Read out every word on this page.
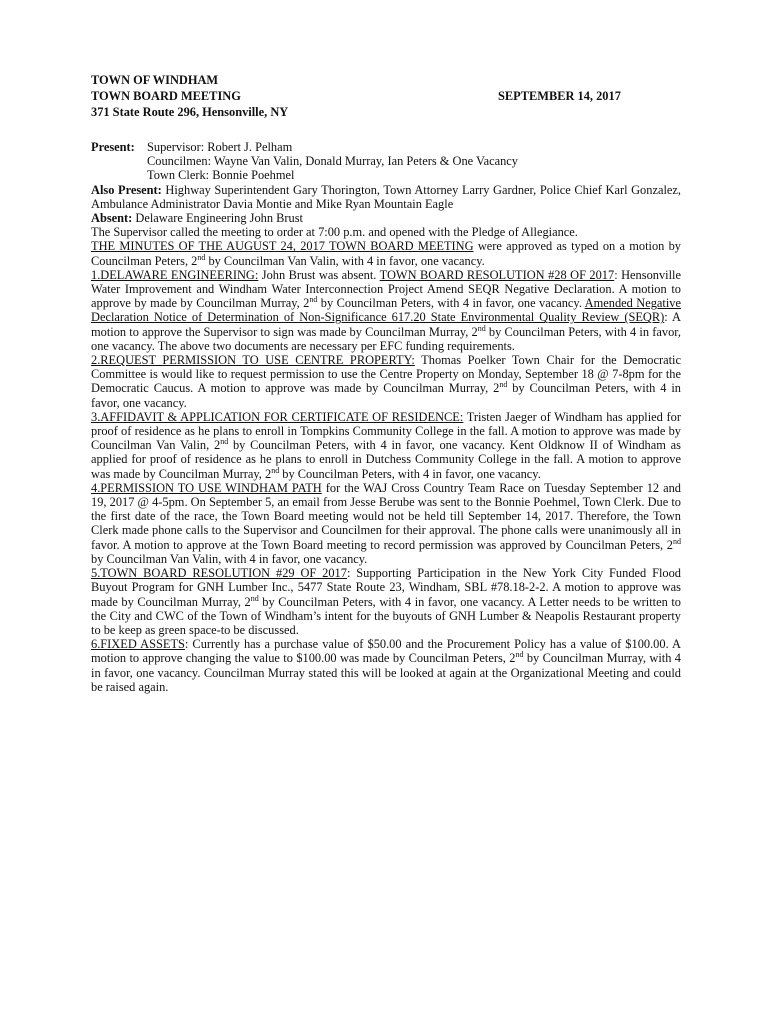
TOWN OF WINDHAM
TOWN BOARD MEETING
371 State Route 296, Hensonville, NY
SEPTEMBER 14, 2017
Present: Supervisor: Robert J. Pelham
Councilmen: Wayne Van Valin, Donald Murray, Ian Peters & One Vacancy
Town Clerk: Bonnie Poehmel

Also Present: Highway Superintendent Gary Thorington, Town Attorney Larry Gardner, Police Chief Karl Gonzalez, Ambulance Administrator Davia Montie and Mike Ryan Mountain Eagle

Absent: Delaware Engineering John Brust

The Supervisor called the meeting to order at 7:00 p.m. and opened with the Pledge of Allegiance.

THE MINUTES OF THE AUGUST 24, 2017 TOWN BOARD MEETING were approved as typed on a motion by Councilman Peters, 2nd by Councilman Van Valin, with 4 in favor, one vacancy.

1.DELAWARE ENGINEERING: John Brust was absent. TOWN BOARD RESOLUTION #28 OF 2017: Hensonville Water Improvement and Windham Water Interconnection Project Amend SEQR Negative Declaration. A motion to approve by made by Councilman Murray, 2nd by Councilman Peters, with 4 in favor, one vacancy. Amended Negative Declaration Notice of Determination of Non-Significance 617.20 State Environmental Quality Review (SEQR): A motion to approve the Supervisor to sign was made by Councilman Murray, 2nd by Councilman Peters, with 4 in favor, one vacancy. The above two documents are necessary per EFC funding requirements.

2.REQUEST PERMISSION TO USE CENTRE PROPERTY: Thomas Poelker Town Chair for the Democratic Committee is would like to request permission to use the Centre Property on Monday, September 18 @ 7-8pm for the Democratic Caucus. A motion to approve was made by Councilman Murray, 2nd by Councilman Peters, with 4 in favor, one vacancy.

3.AFFIDAVIT & APPLICATION FOR CERTIFICATE OF RESIDENCE: Tristen Jaeger of Windham has applied for proof of residence as he plans to enroll in Tompkins Community College in the fall. A motion to approve was made by Councilman Van Valin, 2nd by Councilman Peters, with 4 in favor, one vacancy. Kent Oldknow II of Windham as applied for proof of residence as he plans to enroll in Dutchess Community College in the fall. A motion to approve was made by Councilman Murray, 2nd by Councilman Peters, with 4 in favor, one vacancy.

4.PERMISSION TO USE WINDHAM PATH for the WAJ Cross Country Team Race on Tuesday September 12 and 19, 2017 @ 4-5pm. On September 5, an email from Jesse Berube was sent to the Bonnie Poehmel, Town Clerk. Due to the first date of the race, the Town Board meeting would not be held till September 14, 2017. Therefore, the Town Clerk made phone calls to the Supervisor and Councilmen for their approval. The phone calls were unanimously all in favor. A motion to approve at the Town Board meeting to record permission was approved by Councilman Peters, 2nd by Councilman Van Valin, with 4 in favor, one vacancy.

5.TOWN BOARD RESOLUTION #29 OF 2017: Supporting Participation in the New York City Funded Flood Buyout Program for GNH Lumber Inc., 5477 State Route 23, Windham, SBL #78.18-2-2. A motion to approve was made by Councilman Murray, 2nd by Councilman Peters, with 4 in favor, one vacancy. A Letter needs to be written to the City and CWC of the Town of Windham’s intent for the buyouts of GNH Lumber & Neapolis Restaurant property to be keep as green space-to be discussed.

6.FIXED ASSETS: Currently has a purchase value of $50.00 and the Procurement Policy has a value of $100.00. A motion to approve changing the value to $100.00 was made by Councilman Peters, 2nd by Councilman Murray, with 4 in favor, one vacancy. Councilman Murray stated this will be looked at again at the Organizational Meeting and could be raised again.
